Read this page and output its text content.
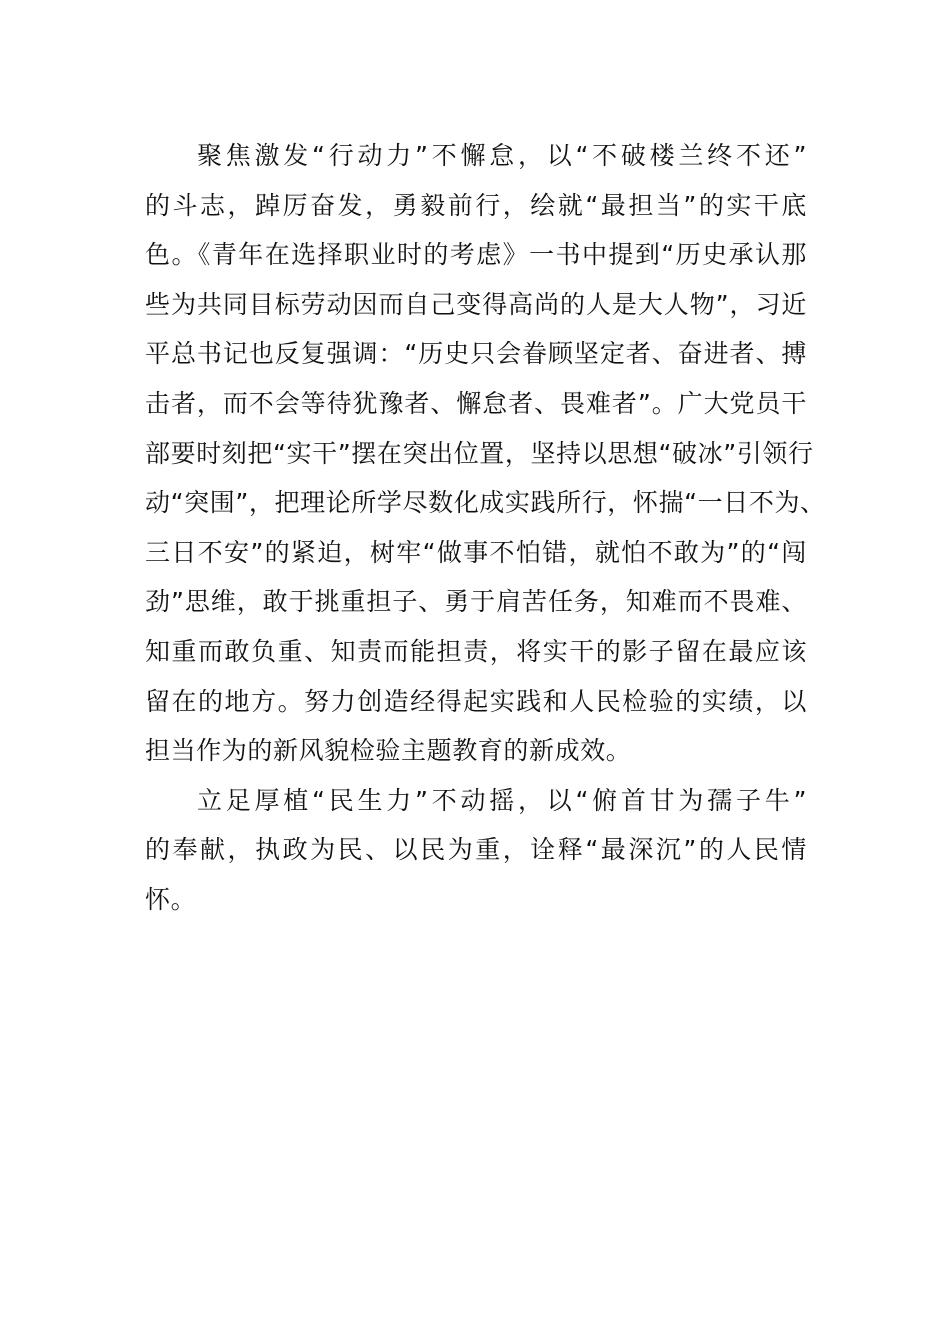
聚焦激发“行动力”不懈怠，以“不破楼兰终不还”
的斗志，踔厉奋发，勇毅前行，绘就“最担当”的实干底
色。《青年在选择职业时的考虑》一书中提到“历史承认那
些为共同目标劳动因而自己变得高尚的人是大人物”，习近
平总书记也反复强调：“历史只会眷顾坚定者、奋进者、搏
击者，而不会等待犹豫者、懈怠者、畏难者”。广大党员干
部要时刻把“实干”摆在突出位置，坚持以思想“破冰”引领行
动“突围”，把理论所学尽数化成实践所行，怀揣“一日不为、
三日不安”的紧迫，树牢“做事不怕错，就怕不敢为”的“闯
劲”思维，敢于挑重担子、勇于肩苦任务，知难而不畏难、
知重而敢负重、知责而能担责，将实干的影子留在最应该
留在的地方。努力创造经得起实践和人民检验的实绩，以
担当作为的新风貌检验主题教育的新成效。
立足厚植“民生力”不动摇，以“俯首甘为孺子牛”
的奉献，执政为民、以民为重，诠释“最深沉”的人民情
怀。
